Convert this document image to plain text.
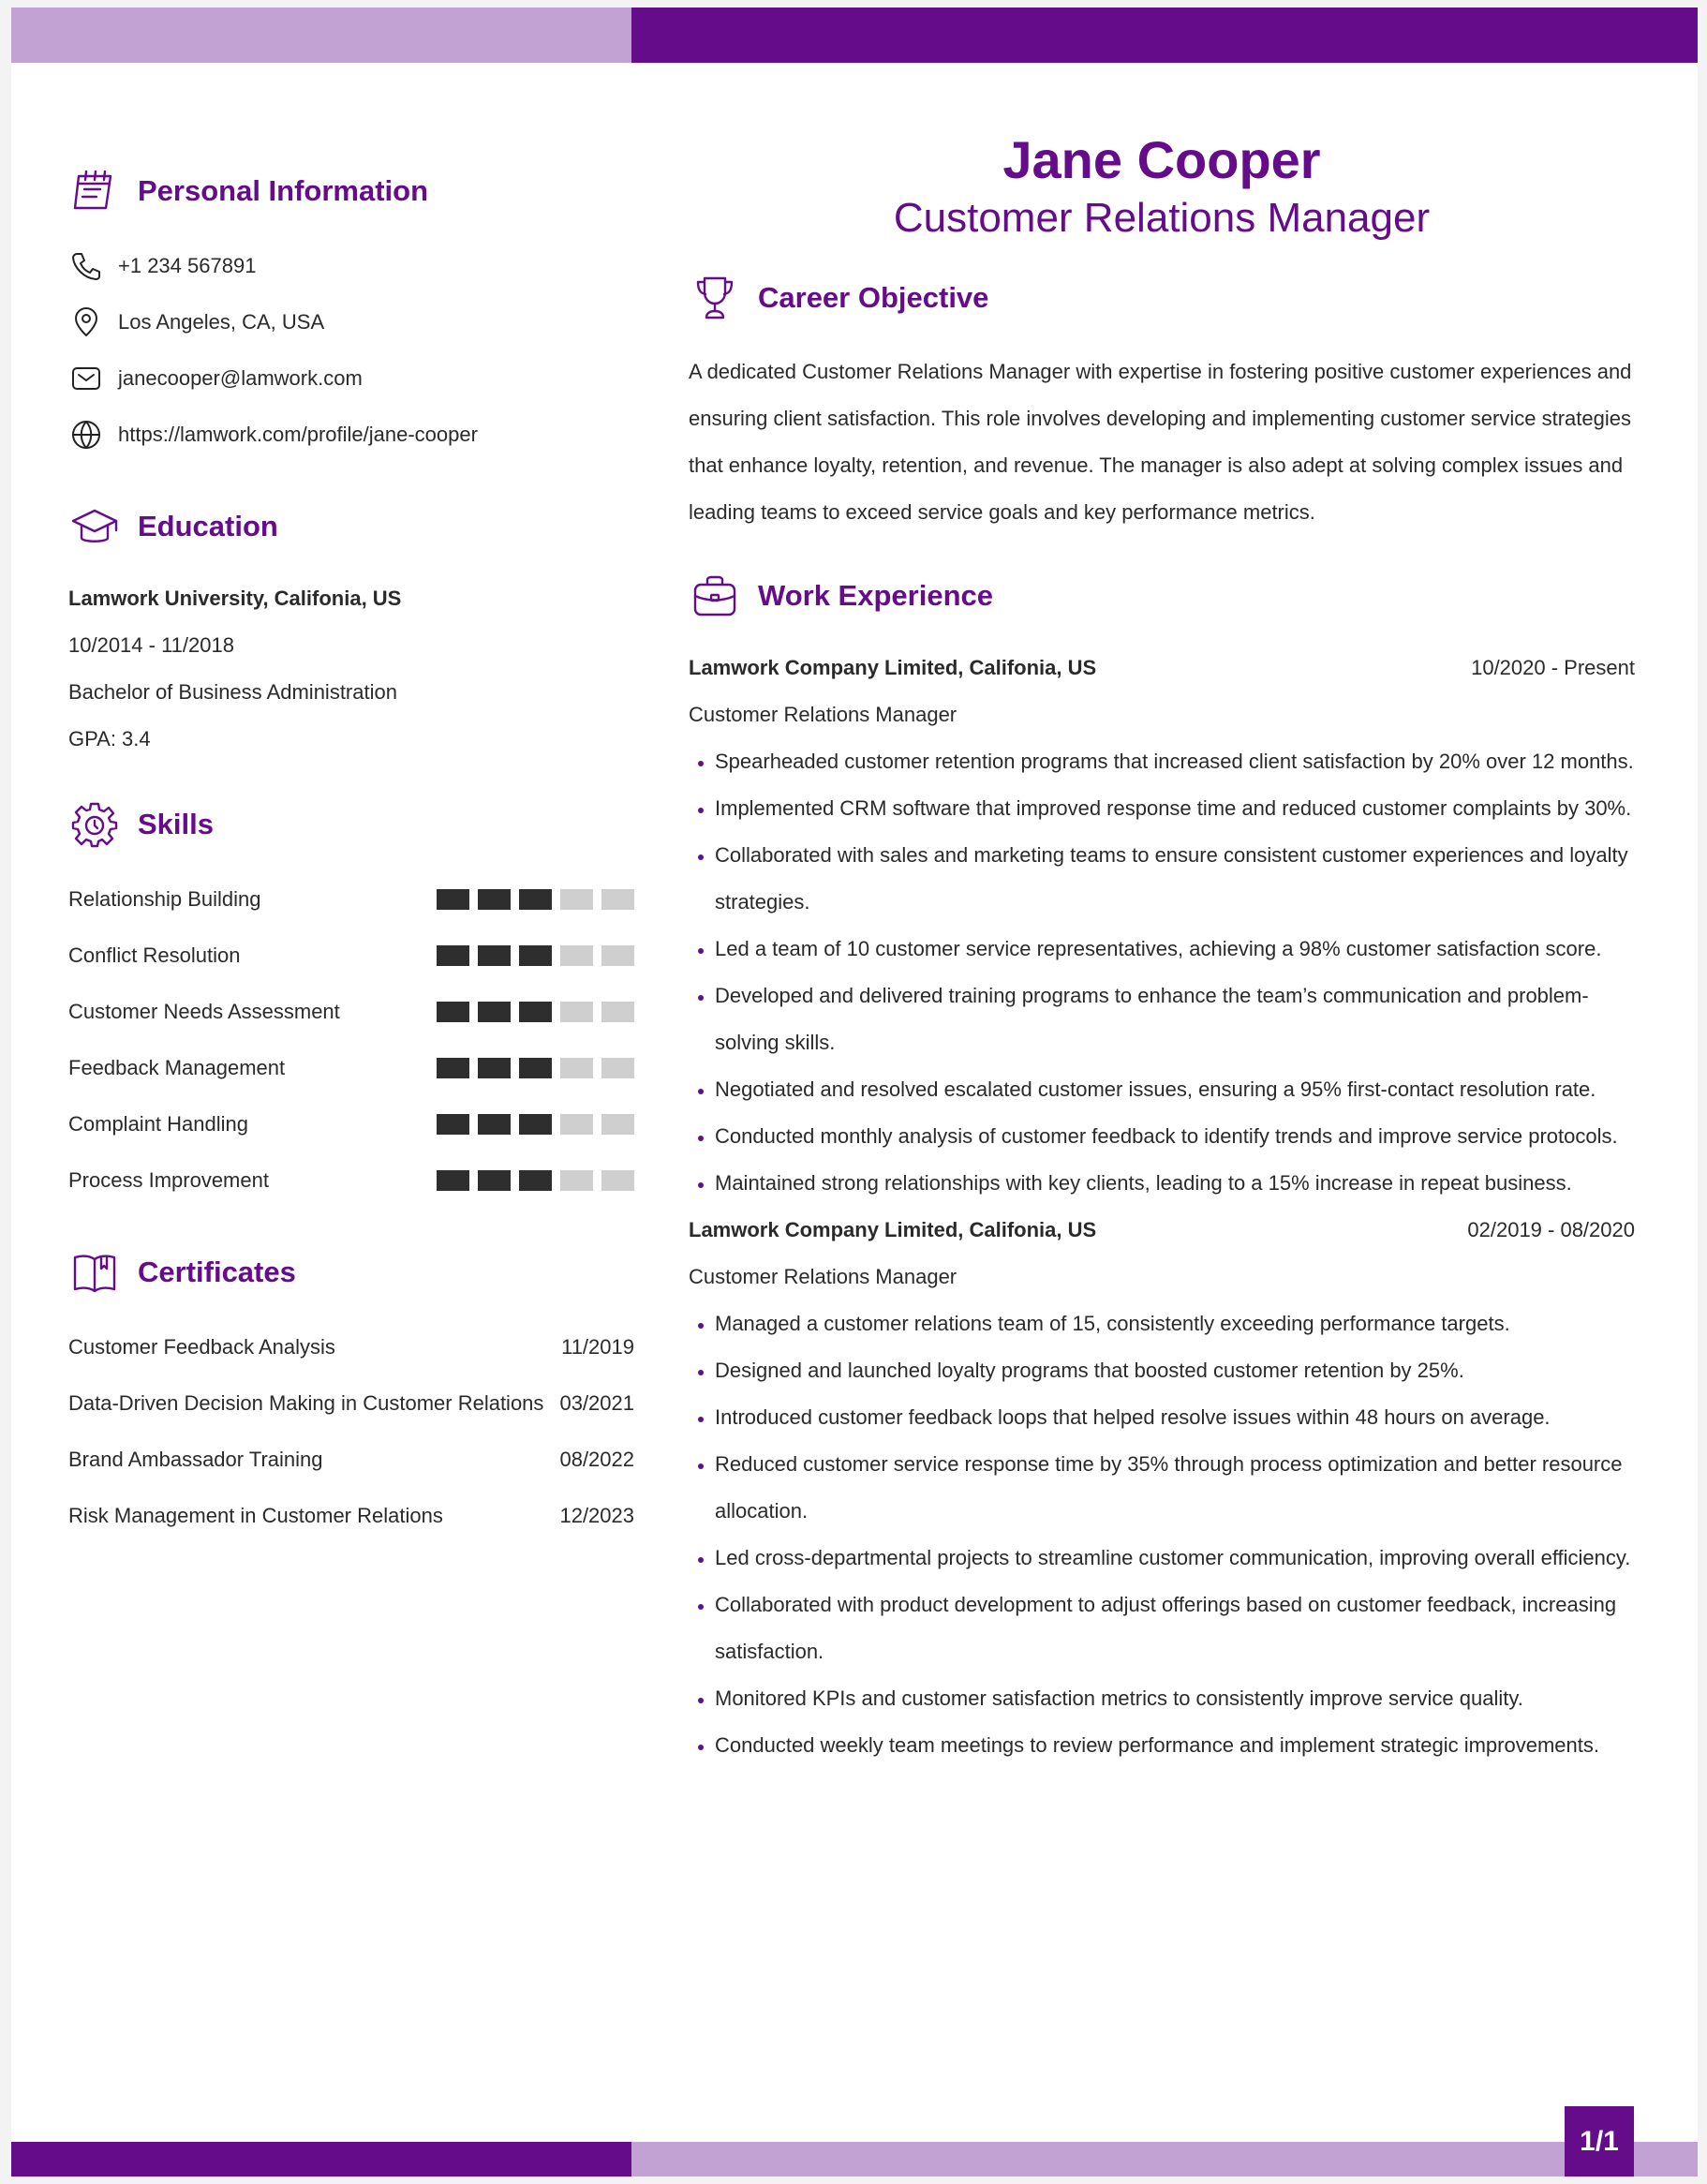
Personal Information
+1 234 567891
Los Angeles, CA, USA
janecooper@lamwork.com
https://lamwork.com/profile/jane-cooper
Education
Lamwork University, Califonia, US
10/2014 - 11/2018
Bachelor of Business Administration
GPA: 3.4
Skills
Relationship Building
Conflict Resolution
Customer Needs Assessment
Feedback Management
Complaint Handling
Process Improvement
Certificates
Customer Feedback Analysis	11/2019
Data-Driven Decision Making in Customer Relations 03/2021
Brand Ambassador Training	08/2022
Risk Management in Customer Relations	12/2023
Jane Cooper
Customer Relations Manager
Career Objective
A dedicated Customer Relations Manager with expertise in fostering positive customer experiences and ensuring client satisfaction. This role involves developing and implementing customer service strategies that enhance loyalty, retention, and revenue. The manager is also adept at solving complex issues and leading teams to exceed service goals and key performance metrics.
Work Experience
Lamwork Company Limited, Califonia, US	10/2020 - Present
Customer Relations Manager
• Spearheaded customer retention programs that increased client satisfaction by 20% over 12 months.
• Implemented CRM software that improved response time and reduced customer complaints by 30%.
• Collaborated with sales and marketing teams to ensure consistent customer experiences and loyalty strategies.
• Led a team of 10 customer service representatives, achieving a 98% customer satisfaction score.
• Developed and delivered training programs to enhance the team’s communication and problem-solving skills.
• Negotiated and resolved escalated customer issues, ensuring a 95% first-contact resolution rate.
• Conducted monthly analysis of customer feedback to identify trends and improve service protocols.
• Maintained strong relationships with key clients, leading to a 15% increase in repeat business.
Lamwork Company Limited, Califonia, US	02/2019 - 08/2020
Customer Relations Manager
• Managed a customer relations team of 15, consistently exceeding performance targets.
• Designed and launched loyalty programs that boosted customer retention by 25%.
• Introduced customer feedback loops that helped resolve issues within 48 hours on average.
• Reduced customer service response time by 35% through process optimization and better resource allocation.
• Led cross-departmental projects to streamline customer communication, improving overall efficiency.
• Collaborated with product development to adjust offerings based on customer feedback, increasing satisfaction.
• Monitored KPIs and customer satisfaction metrics to consistently improve service quality.
• Conducted weekly team meetings to review performance and implement strategic improvements.
1/1
